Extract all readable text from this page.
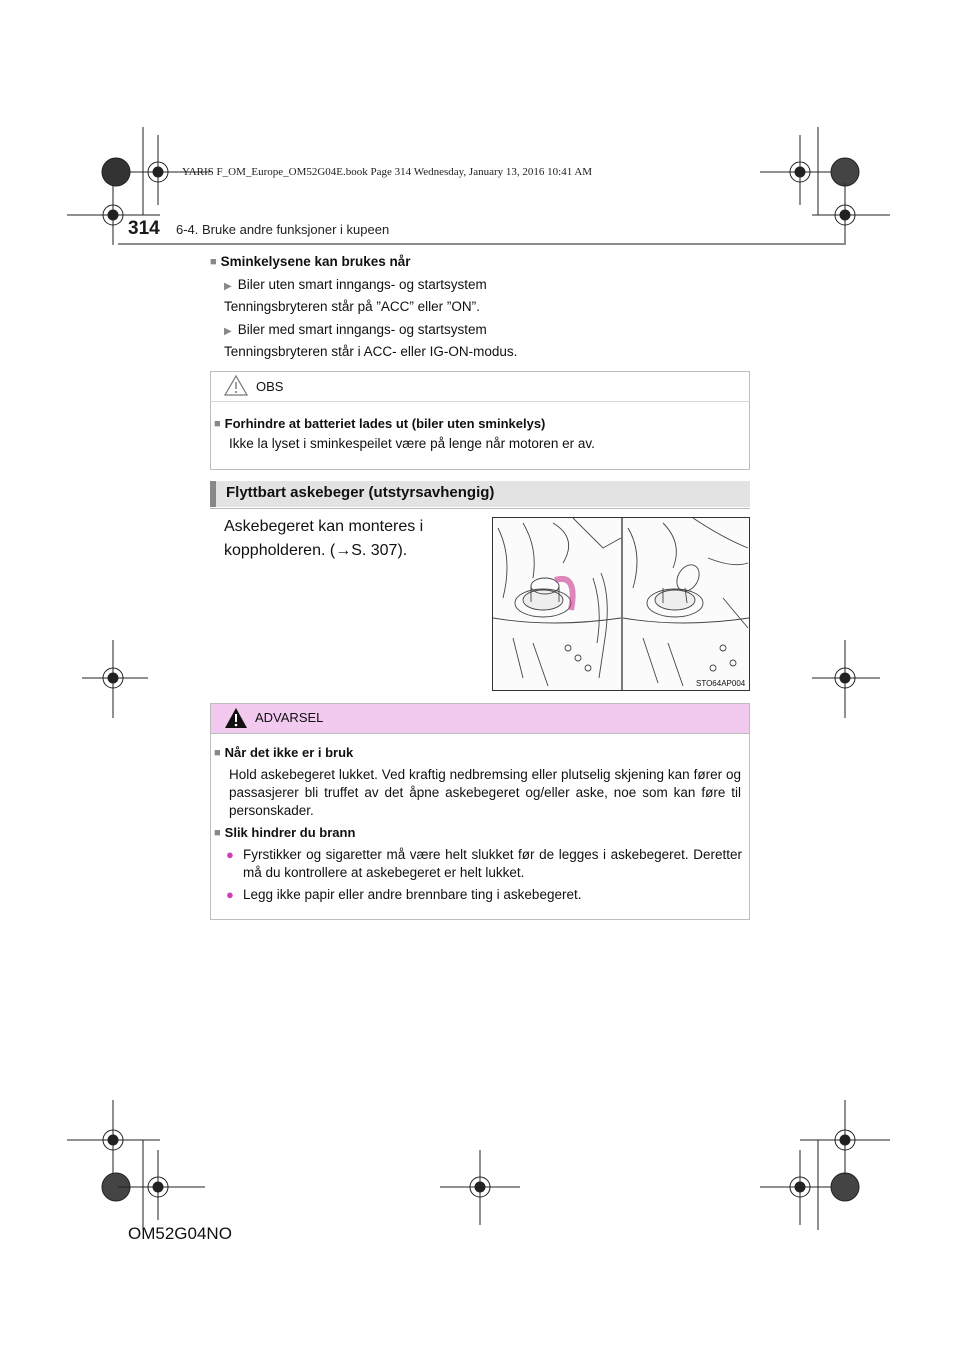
YARIS F_OM_Europe_OM52G04E.book Page 314 Wednesday, January 13, 2016 10:41 AM
314 6-4. Bruke andre funksjoner i kupeen
■ Sminkelysene kan brukes når
▶ Biler uten smart inngangs- og startsystem
Tenningsbryteren står på ”ACC” eller ”ON”.
▶ Biler med smart inngangs- og startsystem
Tenningsbryteren står i ACC- eller IG-ON-modus.
OBS
■ Forhindre at batteriet lades ut (biler uten sminkelys)
Ikke la lyset i sminkespeilet være på lenge når motoren er av.
Flyttbart askebeger (utstyrsavhengig)
Askebegeret kan monteres i
koppholderen. (→S. 307).
STO64AP004
ADVARSEL
■ Når det ikke er i bruk
Hold askebegeret lukket. Ved kraftig nedbremsing eller plutselig skjening kan fører og passasjerer bli truffet av det åpne askebegeret og/eller aske, noe som kan føre til personskader.
■ Slik hindrer du brann
● Fyrstikker og sigaretter må være helt slukket før de legges i askebegeret. Deretter må du kontrollere at askebegeret er helt lukket.
● Legg ikke papir eller andre brennbare ting i askebegeret.
OM52G04NO
